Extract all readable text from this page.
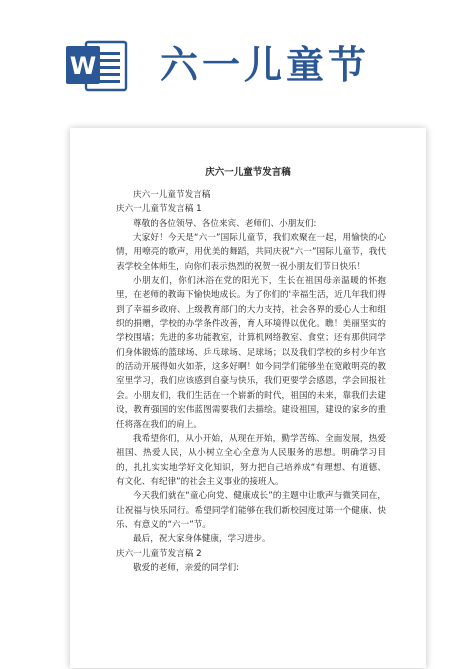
W 六一儿童节
庆六一儿童节发言稿

庆六一儿童节发言稿

庆六一儿童节发言稿 1

尊敬的各位领导、各位来宾、老师们、小朋友们:

大家好！今天是“六一”国际儿童节，我们欢聚在一起，用愉快的心情，用嘹亮的歌声，用优美的舞蹈，共同庆祝“六一”国际儿童节，我代表学校全体师生，向你们表示热烈的祝贺一祝小朋友们节日快乐！

小朋友们，你们沐浴在党的阳光下，生长在祖国母亲温暖的怀抱里，在老师的教诲下愉快地成长。为了你们的'幸福生活，近几年我们得到了幸福乡政府、上级教育部门的大力支持，社会各界的爱心人士和组织的捐赠，学校的办学条件改善，育人环境得以优化。瞧！美丽坚实的学校围墙；先进的多功能教室，计算机网络教室、食堂；还有那供同学们身体锻炼的篮球场、乒乓球场、足球场；以及我们学校的乡村少年宫的活动开展得如火如荼，这多好啊！如今同学们能够坐在宽敞明亮的教室里学习，我们应该感到自豪与快乐，我们更要学会感恩，学会回报社会。小朋友们，我们生活在一个崭新的时代，祖国的未来，靠我们去建设，教育强国的宏伟蓝图需要我们去描绘。建设祖国，建设的家乡的重任将落在我们的肩上。

我希望你们，从小开始，从现在开始，勤学苦练、全面发展，热爱祖国、热爱人民，从小树立全心全意为人民服务的思想。明确学习目的，扎扎实实地学好文化知识，努力把自己培养成“有理想、有道德、有文化、有纪律”的社会主义事业的接班人。

今天我们就在“童心向党、健康成长”的主题中让歌声与微笑同在，让祝福与快乐同行。希望同学们能够在我们新校园度过第一个健康、快乐、有意义的“六一”节。

最后，祝大家身体健康，学习进步。

庆六一儿童节发言稿 2

敬爱的老师，亲爱的同学们:
